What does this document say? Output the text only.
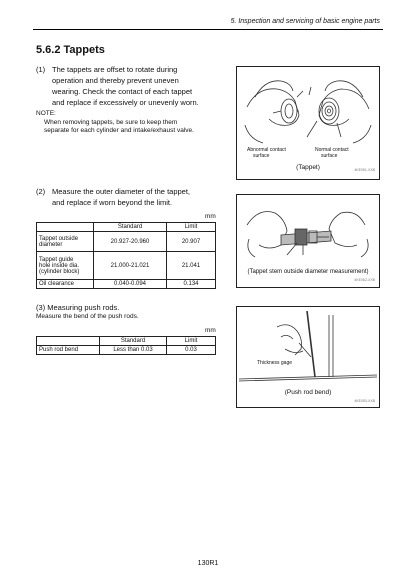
5. Inspection and servicing of basic engine parts
5.6.2 Tappets
(1) The tappets are offset to rotate during
operation and thereby prevent uneven
wearing. Check the contact of each tappet
and replace if excessively or unevenly worn.
NOTE:
When removing tappets, be sure to keep them
separate for each cylinder and intake/exhaust valve.
Abnormal contact
surface
Normal contact
surface
(Tappet)	4KE051-XXB
(2) Measure the outer diameter of the tappet,
and replace if worn beyond the limit.
mm
	Standard	Limit

Tappet outside
diameter	20.927-20.960	20.907

Tappet guide
hole inside dia.
(cylinder block)	21.000-21.021	21.041
Oil clearance	0.040-0.094	0.134
(Tappet stem outside diameter measurement)
4KE052-XXB
(3) Measuring push rods.
Measure the bend of the push rods.
mm
	Standard	Limit
Push rod bend	Less than 0.03	0.03
Thickness gage
(Push rod bend)
4KE053-XXB
130R1
